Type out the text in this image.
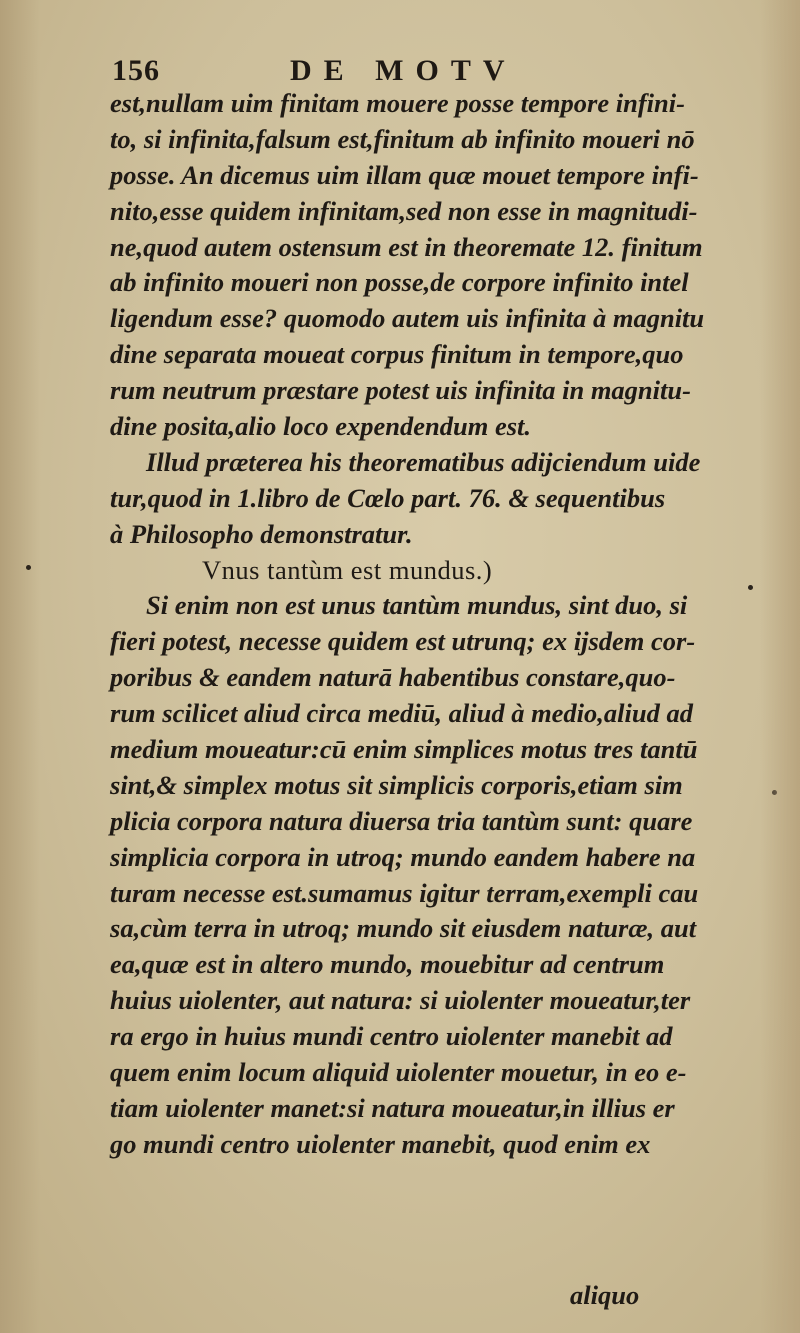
156	DE MOTV
est,nullam uim finitam mouere posse tempore infini-
to, si infinita,falsum est,finitum ab infinito moueri nō
posse. An dicemus uim illam quæ mouet tempore infi-
nito,esse quidem infinitam,sed non esse in magnitudi-
ne,quod autem ostensum est in theoremate 12. finitum
ab infinito moueri non posse,de corpore infinito intel
ligendum esse? quomodo autem uis infinita à magnitu
dine separata moueat corpus finitum in tempore,quo
rum neutrum præstare potest uis infinita in magnitu-
dine posita,alio loco expendendum est.
Illud præterea his theorematibus adijciendum uide
tur,quod in 1.libro de Cœlo part. 76. & sequentibus
à Philosopho demonstratur.
Vnus tantùm est mundus.)
Si enim non est unus tantùm mundus, sint duo, si
fieri potest, necesse quidem est utrunq; ex ijsdem cor-
poribus & eandem naturā habentibus constare,quo-
rum scilicet aliud circa mediū, aliud à medio,aliud ad
medium moueatur:cū enim simplices motus tres tantū
sint,& simplex motus sit simplicis corporis,etiam sim
plicia corpora natura diuersa tria tantùm sunt: quare
simplicia corpora in utroq; mundo eandem habere na
turam necesse est.sumamus igitur terram,exempli cau
sa,cùm terra in utroq; mundo sit eiusdem naturæ, aut
ea,quæ est in altero mundo, mouebitur ad centrum
huius uiolenter, aut natura: si uiolenter moueatur,ter
ra ergo in huius mundi centro uiolenter manebit ad
quem enim locum aliquid uiolenter mouetur, in eo e-
tiam uiolenter manet:si natura moueatur,in illius er
go mundi centro uiolenter manebit, quod enim ex
aliquo
